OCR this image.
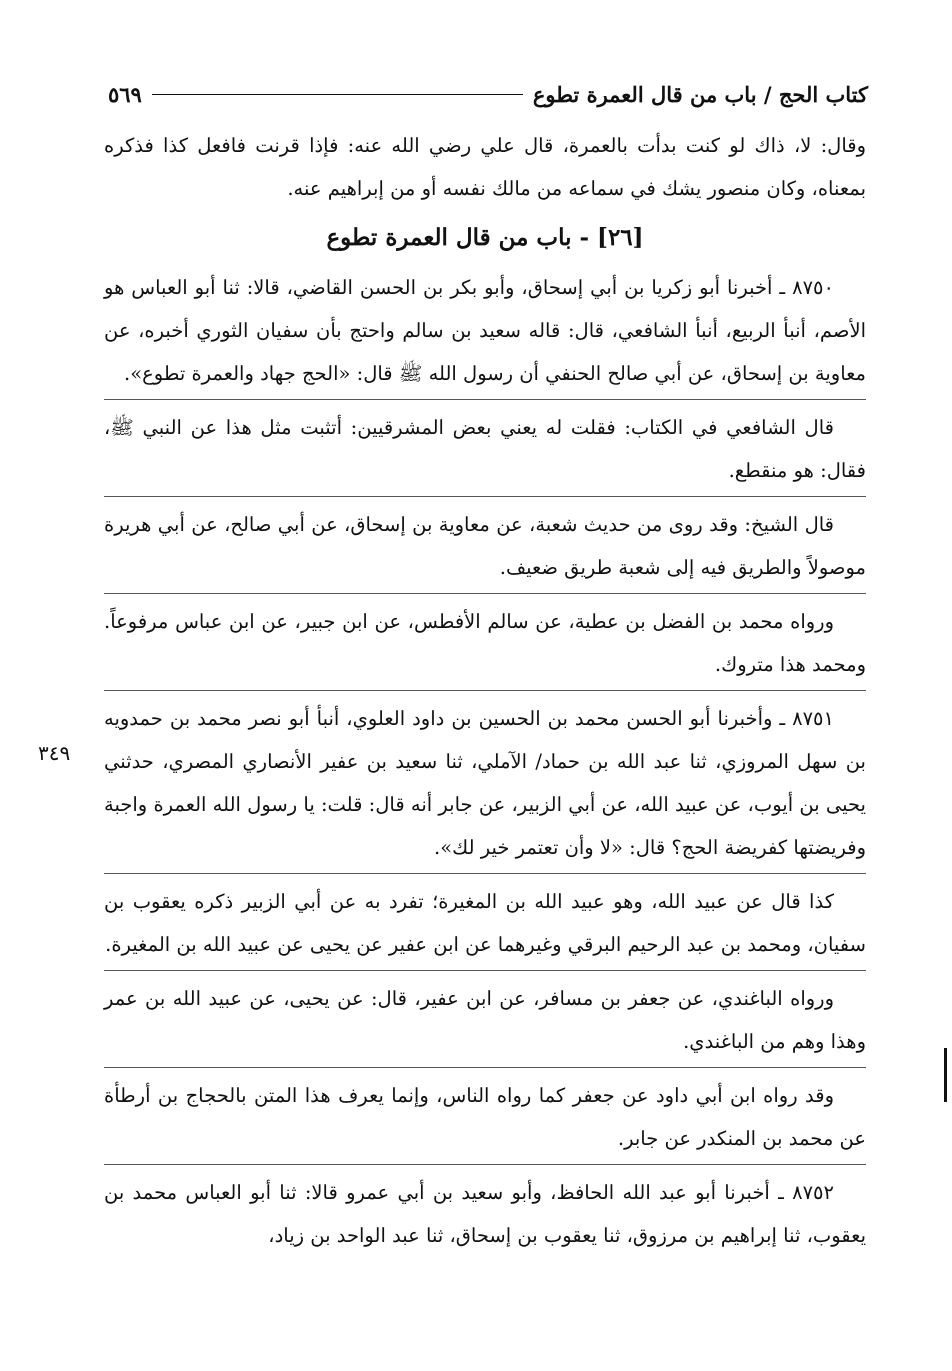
كتاب الحج / باب من قال العمرة تطوع
٥٦٩
٣٤٩

وقال: لا، ذاك لو كنت بدأت بالعمرة، قال علي رضي الله عنه: فإذا قرنت فافعل كذا فذكره بمعناه، وكان منصور يشك في سماعه من مالك نفسه أو من إبراهيم عنه.

[٢٦] - باب من قال العمرة تطوع

٨٧٥٠ ـ أخبرنا أبو زكريا بن أبي إسحاق، وأبو بكر بن الحسن القاضي، قالا: ثنا أبو العباس هو الأصم، أنبأ الربيع، أنبأ الشافعي، قال: قاله سعيد بن سالم واحتج بأن سفيان الثوري أخبره، عن معاوية بن إسحاق، عن أبي صالح الحنفي أن رسول الله ﷺ قال: «الحج جهاد والعمرة تطوع».

قال الشافعي في الكتاب: فقلت له يعني بعض المشرقيين: أتثبت مثل هذا عن النبي ﷺ، فقال: هو منقطع.

قال الشيخ: وقد روى من حديث شعبة، عن معاوية بن إسحاق، عن أبي صالح، عن أبي هريرة موصولاً والطريق فيه إلى شعبة طريق ضعيف.

ورواه محمد بن الفضل بن عطية، عن سالم الأفطس، عن ابن جبير، عن ابن عباس مرفوعاً. ومحمد هذا متروك.

٨٧٥١ ـ وأخبرنا أبو الحسن محمد بن الحسين بن داود العلوي، أنبأ أبو نصر محمد بن حمدويه بن سهل المروزي، ثنا عبد الله بن حماد/ الآملي، ثنا سعيد بن عفير الأنصاري المصري، حدثني يحيى بن أيوب، عن عبيد الله، عن أبي الزبير، عن جابر أنه قال: قلت: يا رسول الله العمرة واجبة وفريضتها كفريضة الحج؟ قال: «لا وأن تعتمر خير لك».

كذا قال عن عبيد الله، وهو عبيد الله بن المغيرة؛ تفرد به عن أبي الزبير ذكره يعقوب بن سفيان، ومحمد بن عبد الرحيم البرقي وغيرهما عن ابن عفير عن يحيى عن عبيد الله بن المغيرة.

ورواه الباغندي، عن جعفر بن مسافر، عن ابن عفير، قال: عن يحيى، عن عبيد الله بن عمر وهذا وهم من الباغندي.

وقد رواه ابن أبي داود عن جعفر كما رواه الناس، وإنما يعرف هذا المتن بالحجاج بن أرطأة عن محمد بن المنكدر عن جابر.

٨٧٥٢ ـ أخبرنا أبو عبد الله الحافظ، وأبو سعيد بن أبي عمرو قالا: ثنا أبو العباس محمد بن يعقوب، ثنا إبراهيم بن مرزوق، ثنا يعقوب بن إسحاق، ثنا عبد الواحد بن زياد،
